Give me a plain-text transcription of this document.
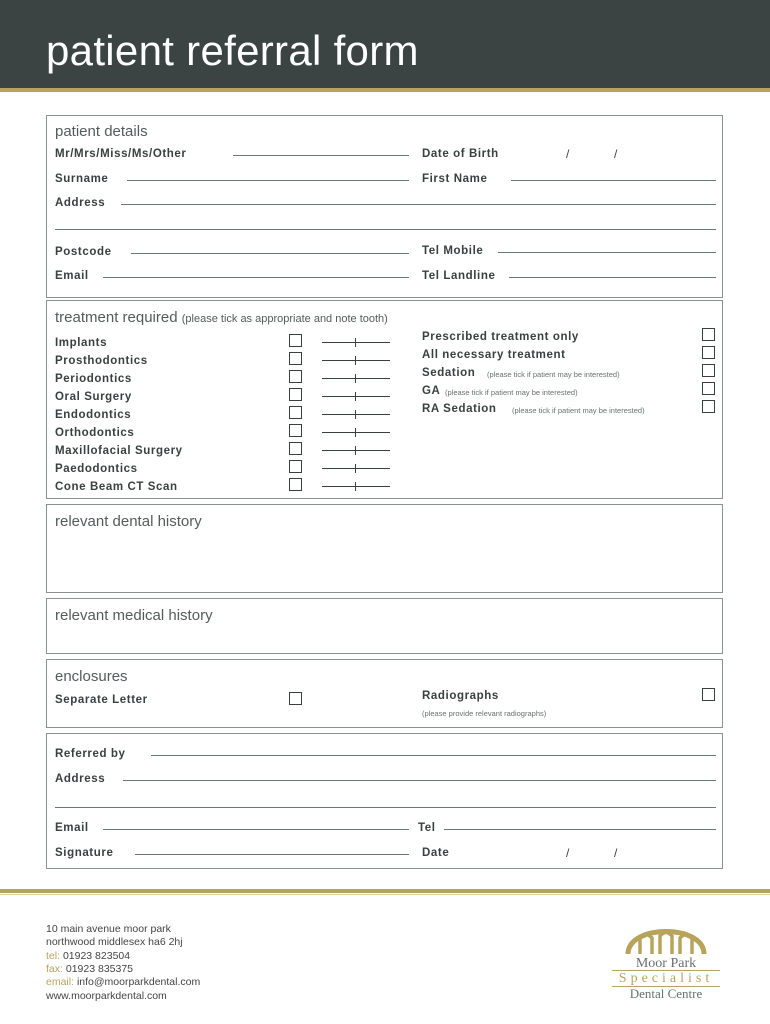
patient referral form
patient details
Mr/Mrs/Miss/Ms/Other	Date of Birth	/	/
Surname	First Name
Address
Postcode	Tel Mobile
Email	Tel Landline
treatment required (please tick as appropriate and note tooth)
Implants
Prosthodontics
Periodontics
Oral Surgery
Endodontics
Orthodontics
Maxillofacial Surgery
Paedodontics
Cone Beam CT Scan
Prescribed treatment only
All necessary treatment
Sedation (please tick if patient may be interested)
GA (please tick if patient may be interested)
RA Sedation (please tick if patient may be interested)
relevant dental history
relevant medical history
enclosures
Separate Letter	Radiographs
(please provide relevant radiographs)
Referred by
Address
Email	Tel
Signature	Date	/	/
10 main avenue moor park
northwood middlesex ha6 2hj
tel: 01923 823504
fax: 01923 835375
email: info@moorparkdental.com
www.moorparkdental.com
Moor Park
Specialist
Dental Centre
